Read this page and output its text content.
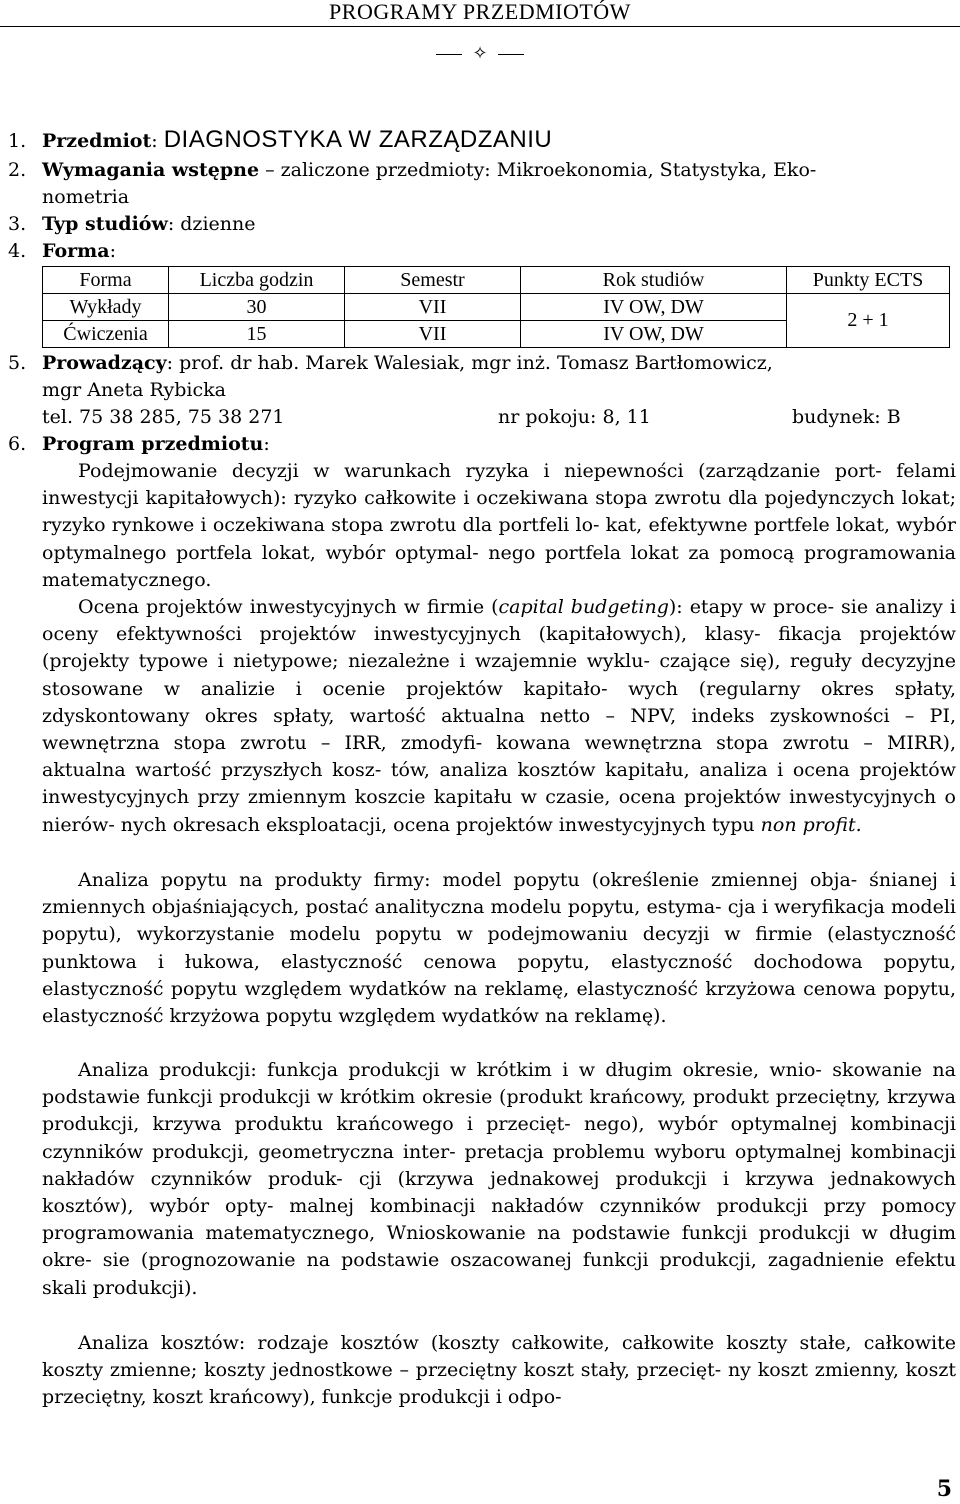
PROGRAMY PRZEDMIOTÓW
✧
1. Przedmiot: DIAGNOSTYKA W ZARZĄDZANIU
2. Wymagania wstępne – zaliczone przedmioty: Mikroekonomia, Statystyka, Eko-
nometria
3. Typ studiów: dzienne
4. Forma:
Forma	Liczba godzin	Semestr	Rok studiów	Punkty ECTS
Wykłady	30	VII	IV OW, DW	2 + 1
Ćwiczenia	15	VII	IV OW, DW	
5. Prowadzący: prof. dr hab. Marek Walesiak, mgr inż. Tomasz Bartłomowicz,
mgr Aneta Rybicka
tel. 75 38 285, 75 38 271	nr pokoju: 8, 11	budynek: B
6. Program przedmiotu:
Podejmowanie decyzji w warunkach ryzyka i niepewności (zarządzanie port- felami inwestycji kapitałowych): ryzyko całkowite i oczekiwana stopa zwrotu dla pojedynczych lokat; ryzyko rynkowe i oczekiwana stopa zwrotu dla portfeli lo- kat, efektywne portfele lokat, wybór optymalnego portfela lokat, wybór optymal- nego portfela lokat za pomocą programowania matematycznego.
Ocena projektów inwestycyjnych w firmie (capital budgeting): etapy w proce- sie analizy i oceny efektywności projektów inwestycyjnych (kapitałowych), klasy- fikacja projektów (projekty typowe i nietypowe; niezależne i wzajemnie wyklu- czające się), reguły decyzyjne stosowane w analizie i ocenie projektów kapitało- wych (regularny okres spłaty, zdyskontowany okres spłaty, wartość aktualna netto – NPV, indeks zyskowności – PI, wewnętrzna stopa zwrotu – IRR, zmodyfi- kowana wewnętrzna stopa zwrotu – MIRR), aktualna wartość przyszłych kosz- tów, analiza kosztów kapitału, analiza i ocena projektów inwestycyjnych przy zmiennym koszcie kapitału w czasie, ocena projektów inwestycyjnych o nierów- nych okresach eksploatacji, ocena projektów inwestycyjnych typu non profit.
Analiza popytu na produkty firmy: model popytu (określenie zmiennej obja- śnianej i zmiennych objaśniających, postać analityczna modelu popytu, estyma- cja i weryfikacja modeli popytu), wykorzystanie modelu popytu w podejmowaniu decyzji w firmie (elastyczność punktowa i łukowa, elastyczność cenowa popytu, elastyczność dochodowa popytu, elastyczność popytu względem wydatków na reklamę, elastyczność krzyżowa cenowa popytu, elastyczność krzyżowa popytu względem wydatków na reklamę).
Analiza produkcji: funkcja produkcji w krótkim i w długim okresie, wnio- skowanie na podstawie funkcji produkcji w krótkim okresie (produkt krańcowy, produkt przeciętny, krzywa produkcji, krzywa produktu krańcowego i przecięt- nego), wybór optymalnej kombinacji czynników produkcji, geometryczna inter- pretacja problemu wyboru optymalnej kombinacji nakładów czynników produk- cji (krzywa jednakowej produkcji i krzywa jednakowych kosztów), wybór opty- malnej kombinacji nakładów czynników produkcji przy pomocy programowania matematycznego, Wnioskowanie na podstawie funkcji produkcji w długim okre- sie (prognozowanie na podstawie oszacowanej funkcji produkcji, zagadnienie efektu skali produkcji).
Analiza kosztów: rodzaje kosztów (koszty całkowite, całkowite koszty stałe, całkowite koszty zmienne; koszty jednostkowe – przeciętny koszt stały, przecięt- ny koszt zmienny, koszt przeciętny, koszt krańcowy), funkcje produkcji i odpo-
5
